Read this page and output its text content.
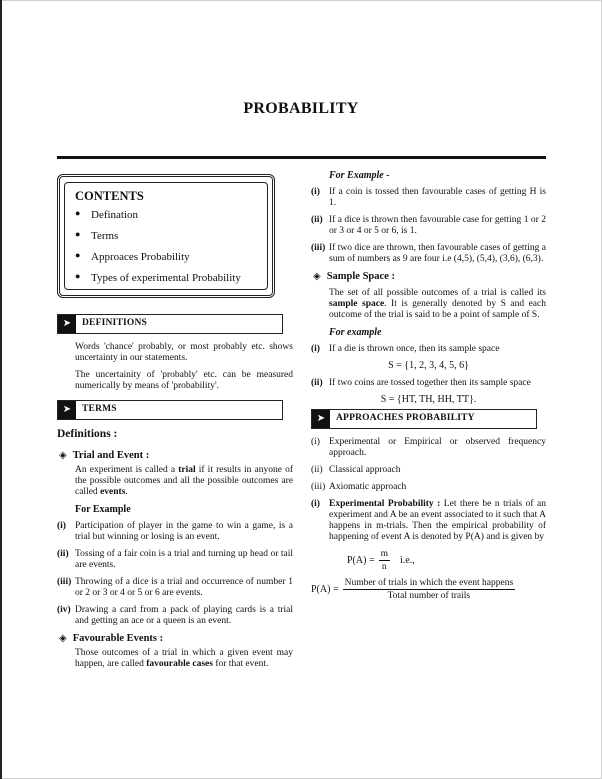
PROBABILITY
CONTENTS
● Defination
● Terms
● Approaces Probability
● Types of experimental Probability
➤	DEFINITIONS

Words 'chance' probably, or most probably etc. shows uncertainty in our statements.

The uncertainity of 'probably' etc. can be measured numerically by means of 'probability'.

➤	TERMS
Definitions :
◈ Trial and Event :

An experiment is called a trial if it results in anyone of the possible outcomes and all the possible outcomes are called events.

For Example

(i) Participation of player in the game to win a game, is a trial but winning or losing is an event.
(ii) Tossing of a fair coin is a trial and turning up head or tail are events.
(iii) Throwing of a dice is a trial and occurrence of number 1 or 2 or 3 or 4 or 5 or 6 are events.
(iv) Drawing a card from a pack of playing cards is a trial and getting an ace or a queen is an event.
◈ Favourable Events :

Those outcomes of a trial in which a given event may happen, are called favourable cases for that event.

For Example -

(i) If a coin is tossed then favourable cases of getting H is 1.
(ii) If a dice is thrown then favourable case for getting 1 or 2 or 3 or 4 or 5 or 6, is 1.
(iii) If two dice are thrown, then favourable cases of getting a sum of numbers as 9 are four i.e (4,5), (5,4), (3,6), (6,3).
◈ Sample Space :

The set of all possible outcomes of a trial is called its sample space. It is generally denoted by S and each outcome of the trial is said to be a point of sample of S.

For example

(i) If a die is thrown once, then its sample space
S = {1, 2, 3, 4, 5, 6}
(ii) If two coins are tossed together then its sample space
S = {HT, TH, HH, TT}.
➤	APPROACHES PROBABILITY
(i) Experimental or Empirical or observed frequency approach.
(ii) Classical approach
(iii) Axiomatic approach
(i) Experimental Probability : Let there be n trials of an experiment and A be an event associated to it such that A happens in m-trials. Then the empirical probability of happening of event A is denoted by P(A) and is given by
$P(A) = \frac{m}{n} i.e$.,
$P(A) = \frac{\text{Number of trials in which the event happens}}{\text{Total number of trails}}$
